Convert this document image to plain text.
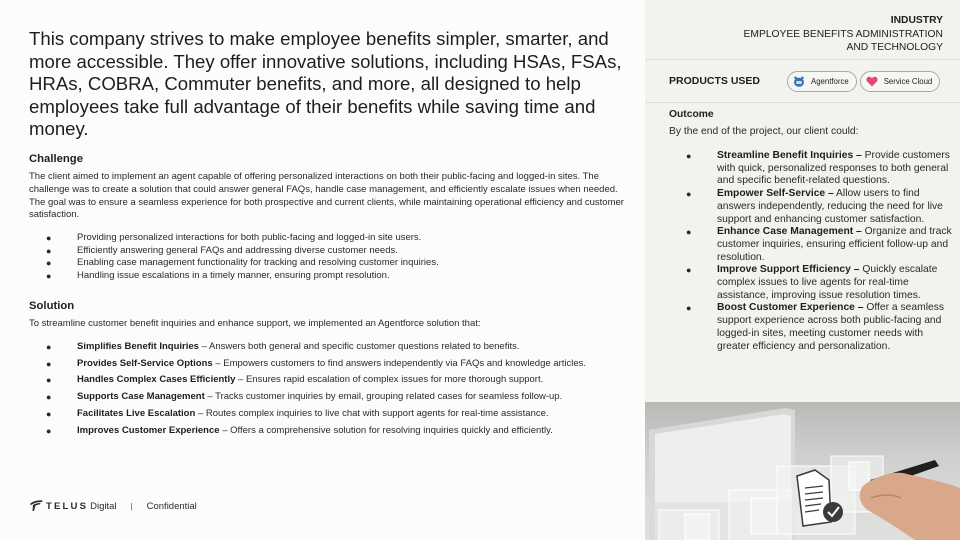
This company strives to make employee benefits simpler, smarter, and more accessible. They offer innovative solutions, including HSAs, FSAs, HRAs, COBRA, Commuter benefits, and more, all designed to help employees take full advantage of their benefits while saving time and money.

Challenge

The client aimed to implement an agent capable of offering personalized interactions on both their public-facing and logged-in sites. The challenge was to create a solution that could answer general FAQs, handle case management, and efficiently escalate issues when needed. The goal was to ensure a seamless experience for both prospective and current clients, while maintaining operational efficiency and customer satisfaction.

●	Providing personalized interactions for both public-facing and logged-in site users.
●	Efficiently answering general FAQs and addressing diverse customer needs.
●	Enabling case management functionality for tracking and resolving customer inquiries.
●	Handling issue escalations in a timely manner, ensuring prompt resolution.
Solution

To streamline customer benefit inquiries and enhance support, we implemented an Agentforce solution that:

●	Simplifies Benefit Inquiries – Answers both general and specific customer questions related to benefits.
●	Provides Self-Service Options – Empowers customers to find answers independently via FAQs and knowledge articles.
●	Handles Complex Cases Efficiently – Ensures rapid escalation of complex issues for more thorough support.
●	Supports Case Management – Tracks customer inquiries by email, grouping related cases for seamless follow-up.
●	Facilitates Live Escalation – Routes complex inquiries to live chat with support agents for real-time assistance.
●	Improves Customer Experience – Offers a comprehensive solution for resolving inquiries quickly and efficiently.
TELUS Digital | Confidential
INDUSTRY
EMPLOYEE BENEFITS ADMINISTRATION
AND TECHNOLOGY
PRODUCTS USED	Agentforce	Service Cloud
Outcome

By the end of the project, our client could:

● Streamline Benefit Inquiries – Provide customers with quick, personalized responses to both general and specific benefit-related questions.
● Empower Self-Service – Allow users to find answers independently, reducing the need for live support and enhancing customer satisfaction.
● Enhance Case Management – Organize and track customer inquiries, ensuring efficient follow-up and resolution.
● Improve Support Efficiency – Quickly escalate complex issues to live agents for real-time assistance, improving issue resolution times.
● Boost Customer Experience – Offer a seamless support experience across both public-facing and logged-in sites, meeting customer needs with greater efficiency and personalization.
